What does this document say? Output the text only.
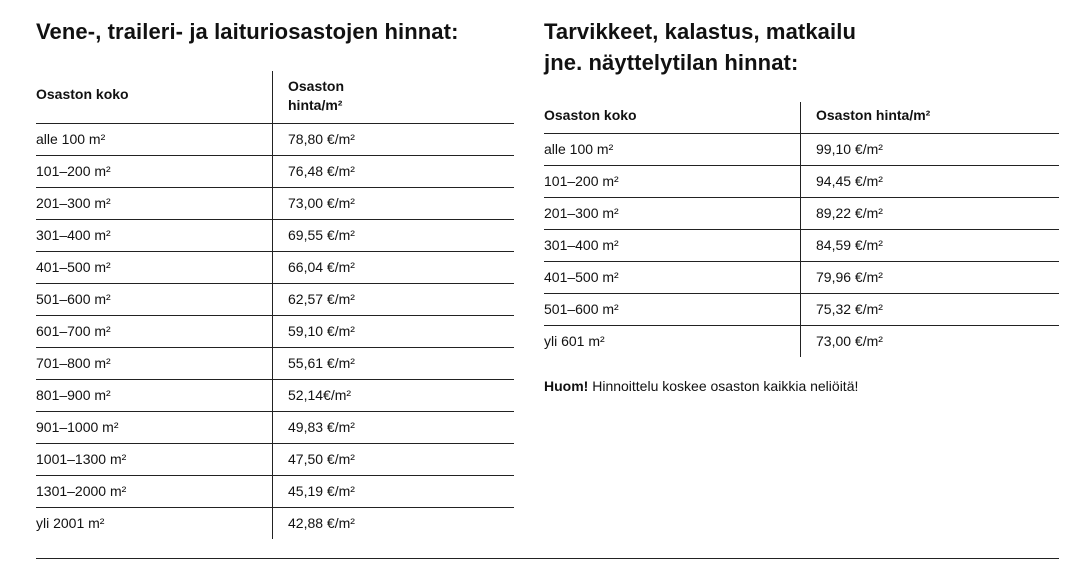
Vene-, traileri- ja laituriosastojen hinnat:
Osaston koko	Osaston
hinta/m²
alle 100 m²	78,80 €/m²
101–200 m²	76,48 €/m²
201–300 m²	73,00 €/m²
301–400 m²	69,55 €/m²
401–500 m²	66,04 €/m²
501–600 m²	62,57 €/m²
601–700 m²	59,10 €/m²
701–800 m²	55,61 €/m²
801–900 m²	52,14€/m²
901–1000 m²	49,83 €/m²
1001–1300 m²	47,50 €/m²
1301–2000 m²	45,19 €/m²
yli 2001 m²	42,88 €/m²
Tarvikkeet, kalastus, matkailu
jne. näyttelytilan hinnat:
Osaston koko	Osaston hinta/m²
alle 100 m²	99,10 €/m²
101–200 m²	94,45 €/m²
201–300 m²	89,22 €/m²
301–400 m²	84,59 €/m²
401–500 m²	79,96 €/m²
501–600 m²	75,32 €/m²
yli 601 m²	73,00 €/m²

Huom! Hinnoittelu koskee osaston kaikkia neliöitä!
